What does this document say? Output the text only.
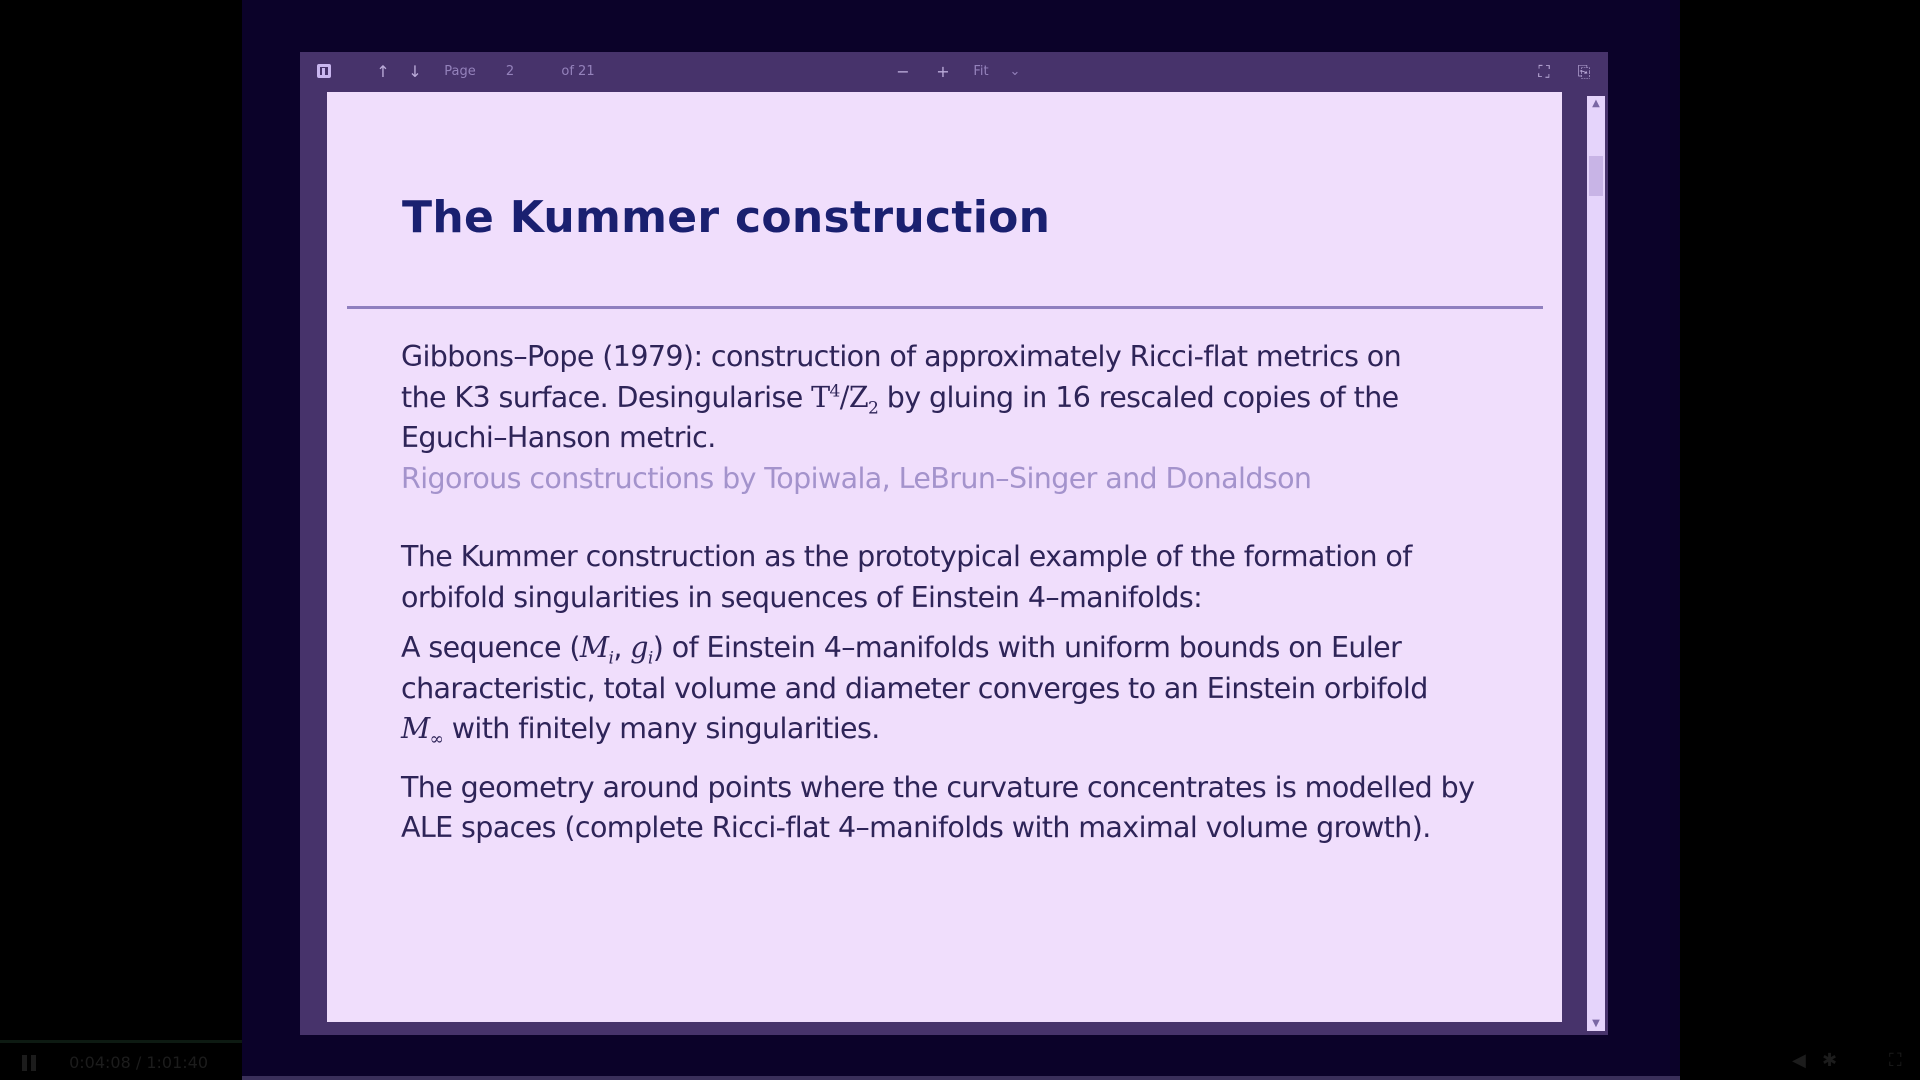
↑ ↓	Page	2	of 21	− +	Fit	⌄	⛶	⎘
The Kummer construction

Gibbons–Pope (1979): construction of approximately Ricci-flat metrics on
the K3 surface. Desingularise $T^4/Z_2$ by gluing in 16 rescaled copies of the
Eguchi–Hanson metric.

Rigorous constructions by Topiwala, LeBrun–Singer and Donaldson

The Kummer construction as the prototypical example of the formation of
orbifold singularities in sequences of Einstein 4–manifolds:

A sequence ($M_i$, $g_i$) of Einstein 4–manifolds with uniform bounds on Euler
characteristic, total volume and diameter converges to an Einstein orbifold
$M_\infty$ with finitely many singularities.

The geometry around points where the curvature concentrates is modelled by
ALE spaces (complete Ricci-flat 4–manifolds with maximal volume growth).

▲
▼
0:04:08 / 1:01:40	◀ ✱	⛶
